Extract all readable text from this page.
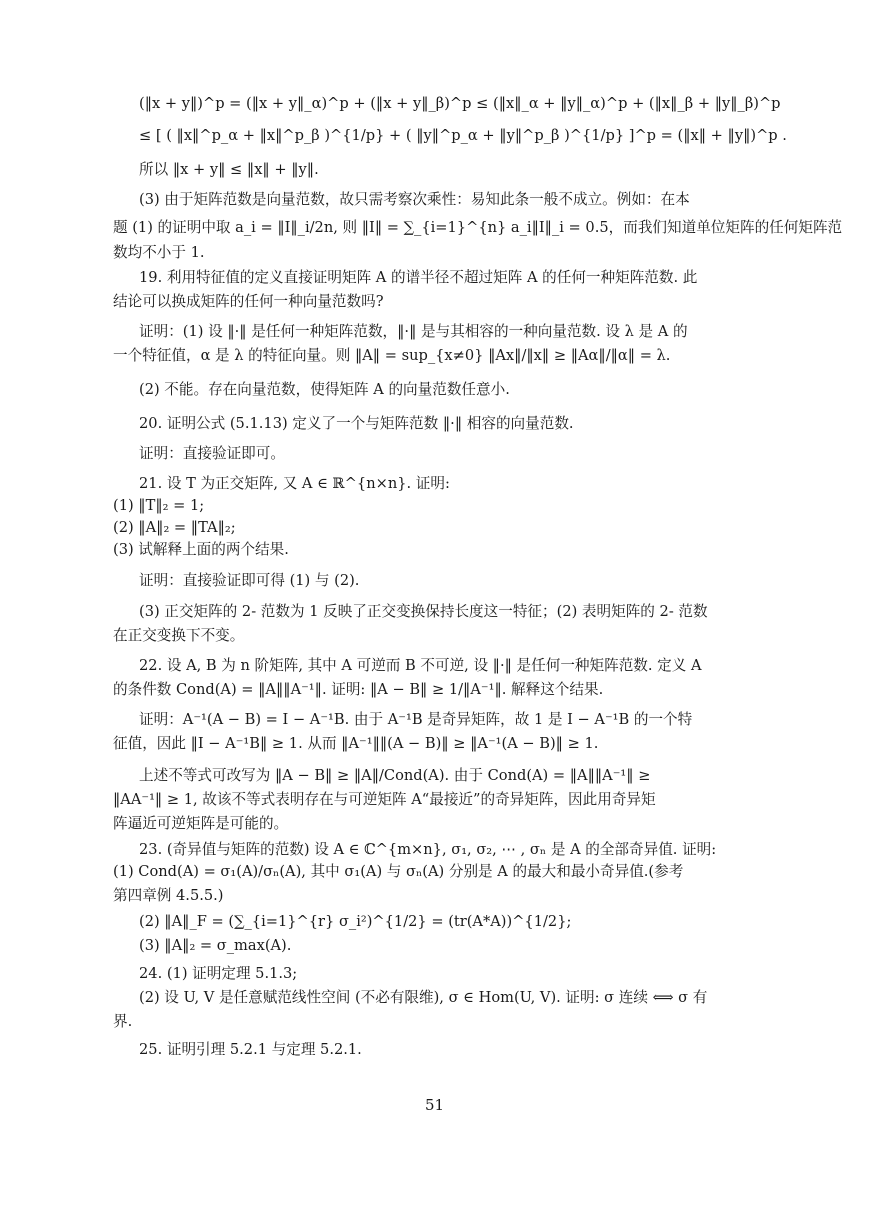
(‖x + y‖)^p = (‖x + y‖_α)^p + (‖x + y‖_β)^p ≤ (‖x‖_α + ‖y‖_α)^p + (‖x‖_β + ‖y‖_β)^p
≤ [ ( ‖x‖^p_α + ‖x‖^p_β )^{1/p} + ( ‖y‖^p_α + ‖y‖^p_β )^{1/p} ]^p = (‖x‖ + ‖y‖)^p .
所以 ‖x + y‖ ≤ ‖x‖ + ‖y‖.
(3) 由于矩阵范数是向量范数，故只需考察次乘性：易知此条一般不成立。例如：在本
题 (1) 的证明中取 a_i = ‖I‖_i/2n, 则 ‖I‖ = ∑_{i=1}^{n} a_i‖I‖_i = 0.5，而我们知道单位矩阵的任何矩阵范
数均不小于 1.
19. 利用特征值的定义直接证明矩阵 A 的谱半径不超过矩阵 A 的任何一种矩阵范数. 此
结论可以换成矩阵的任何一种向量范数吗?
证明：(1) 设 ‖·‖ 是任何一种矩阵范数，‖·‖ 是与其相容的一种向量范数. 设 λ 是 A 的
一个特征值，α 是 λ 的特征向量。则 ‖A‖ = sup_{x≠0} ‖Ax‖/‖x‖ ≥ ‖Aα‖/‖α‖ = λ.
(2) 不能。存在向量范数，使得矩阵 A 的向量范数任意小.
20. 证明公式 (5.1.13) 定义了一个与矩阵范数 ‖·‖ 相容的向量范数.
证明：直接验证即可。
21. 设 T 为正交矩阵, 又 A ∈ ℝ^{n×n}. 证明:
(1) ‖T‖₂ = 1;
(2) ‖A‖₂ = ‖TA‖₂;
(3) 试解释上面的两个结果.
证明：直接验证即可得 (1) 与 (2).
(3) 正交矩阵的 2- 范数为 1 反映了正交变换保持长度这一特征；(2) 表明矩阵的 2- 范数
在正交变换下不变。
22. 设 A, B 为 n 阶矩阵, 其中 A 可逆而 B 不可逆, 设 ‖·‖ 是任何一种矩阵范数. 定义 A
的条件数 Cond(A) = ‖A‖‖A⁻¹‖. 证明: ‖A − B‖ ≥ 1/‖A⁻¹‖. 解释这个结果.
证明：A⁻¹(A − B) = I − A⁻¹B. 由于 A⁻¹B 是奇异矩阵，故 1 是 I − A⁻¹B 的一个特
征值，因此 ‖I − A⁻¹B‖ ≥ 1. 从而 ‖A⁻¹‖‖(A − B)‖ ≥ ‖A⁻¹(A − B)‖ ≥ 1.
上述不等式可改写为 ‖A − B‖ ≥ ‖A‖/Cond(A). 由于 Cond(A) = ‖A‖‖A⁻¹‖ ≥
‖AA⁻¹‖ ≥ 1, 故该不等式表明存在与可逆矩阵 A“最接近”的奇异矩阵，因此用奇异矩
阵逼近可逆矩阵是可能的。
23. (奇异值与矩阵的范数) 设 A ∈ ℂ^{m×n}, σ₁, σ₂, ⋯ , σₙ 是 A 的全部奇异值. 证明:
(1) Cond(A) = σ₁(A)/σₙ(A), 其中 σ₁(A) 与 σₙ(A) 分别是 A 的最大和最小奇异值.(参考
第四章例 4.5.5.)
(2) ‖A‖_F = (∑_{i=1}^{r} σ_i²)^{1/2} = (tr(A*A))^{1/2};
(3) ‖A‖₂ = σ_max(A).
24. (1) 证明定理 5.1.3;
(2) 设 U, V 是任意赋范线性空间 (不必有限维), σ ∈ Hom(U, V). 证明: σ 连续 ⟺ σ 有
界.
25. 证明引理 5.2.1 与定理 5.2.1.
51
